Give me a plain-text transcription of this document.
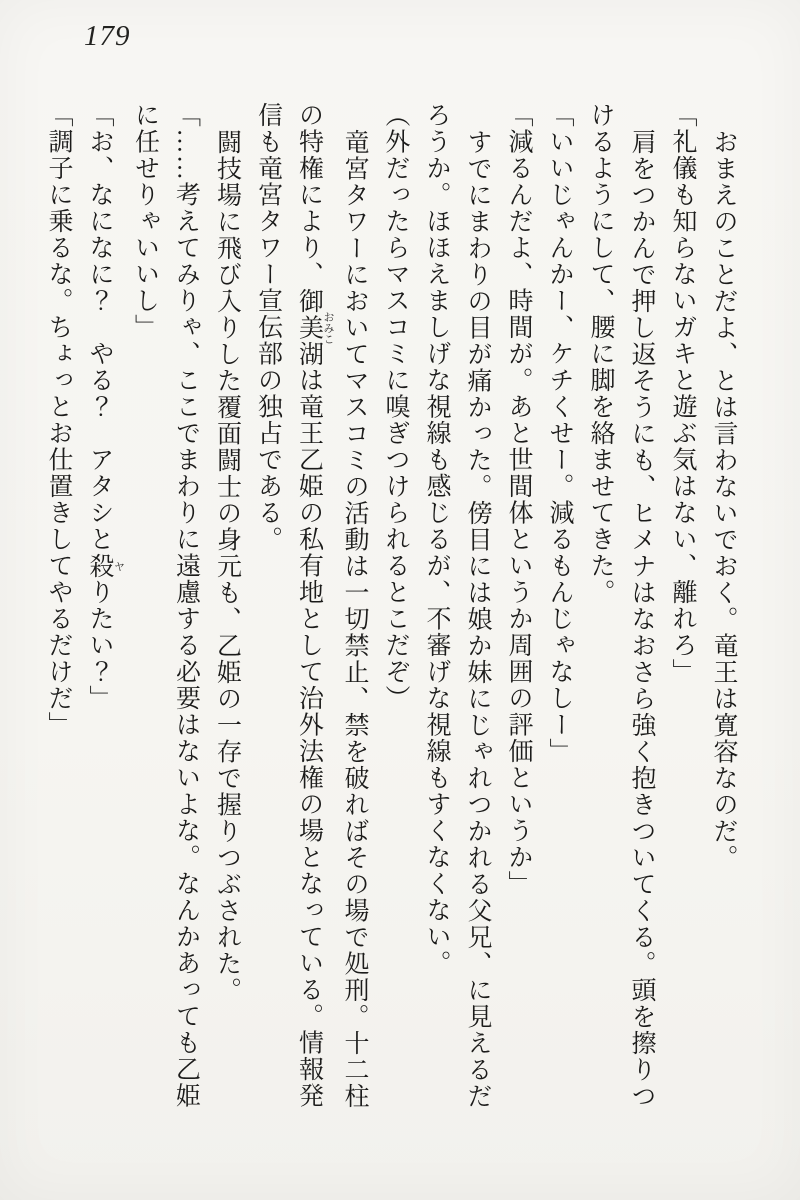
179
おまえのことだよ、とは言わないでおく。竜王は寛容なのだ。
「礼儀も知らないガキと遊ぶ気はない、離れろ」
肩をつかんで押し返そうにも、ヒメナはなおさら強く抱きついてくる。頭を擦りつ
けるようにして、腰に脚を絡ませてきた。
「いいじゃんかー、ケチくせー。減るもんじゃなしー」
「減るんだよ、時間が。あと世間体というか周囲の評価というか」
すでにまわりの目が痛かった。傍目には娘か妹にじゃれつかれる父兄、に見えるだ
ろうか。ほほえましげな視線も感じるが、不審げな視線もすくなくない。
（外だったらマスコミに嗅ぎつけられるとこだぞ）
竜宮タワーにおいてマスコミの活動は一切禁止、禁を破ればその場で処刑。十二柱
の特権により、御美湖 おみこは竜王乙姫の私有地として治外法権の場となっている。情報発
信も竜宮タワー宣伝部の独占である。
闘技場に飛び入りした覆面闘士の身元も、乙姫の一存で握りつぶされた。
「……考えてみりゃ、ここでまわりに遠慮する必要はないよな。なんかあっても乙姫
に任せりゃいいし」
「お、なになに？　やる？　アタシと殺 ヤりたい？」
「調子に乗るな。ちょっとお仕置きしてやるだけだ」
